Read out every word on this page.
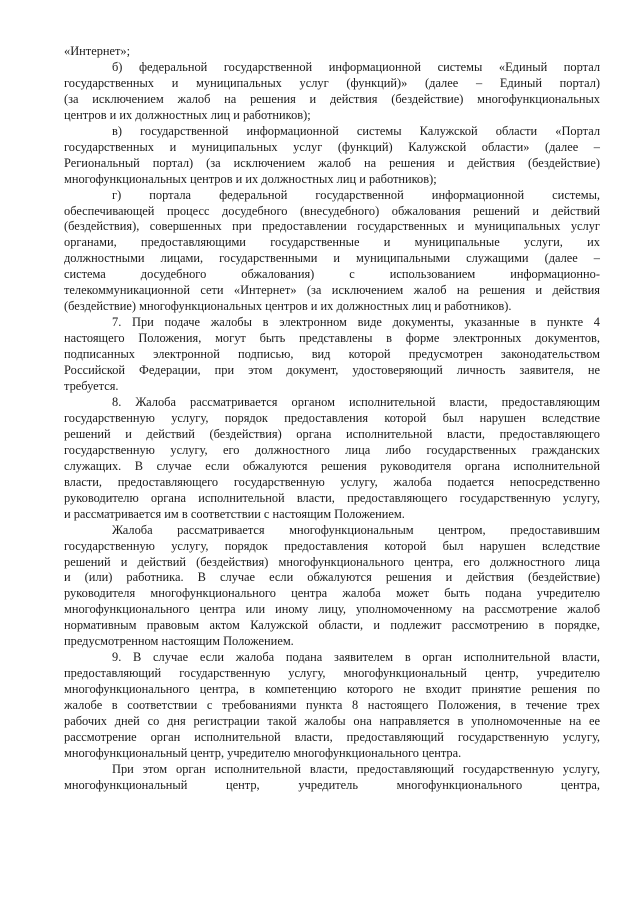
«Интернет»;
б) федеральной государственной информационной системы «Единый портал
государственных и муниципальных услуг (функций)» (далее – Единый портал)
(за исключением жалоб на решения и действия (бездействие) многофункциональных
центров и их должностных лиц и работников);
в) государственной информационной системы Калужской области «Портал
государственных и муниципальных услуг (функций) Калужской области» (далее –
Региональный портал) (за исключением жалоб на решения и действия (бездействие)
многофункциональных центров и их должностных лиц и работников);
г) портала федеральной государственной информационной системы,
обеспечивающей процесс досудебного (внесудебного) обжалования решений и действий
(бездействия), совершенных при предоставлении государственных и муниципальных услуг
органами, предоставляющими государственные и муниципальные услуги, их
должностными лицами, государственными и муниципальными служащими (далее –
система досудебного обжалования) с использованием информационно-
телекоммуникационной сети «Интернет» (за исключением жалоб на решения и действия
(бездействие) многофункциональных центров и их должностных лиц и работников).
7. При подаче жалобы в электронном виде документы, указанные в пункте 4
настоящего Положения, могут быть представлены в форме электронных документов,
подписанных электронной подписью, вид которой предусмотрен законодательством
Российской Федерации, при этом документ, удостоверяющий личность заявителя, не
требуется.
8. Жалоба рассматривается органом исполнительной власти, предоставляющим
государственную услугу, порядок предоставления которой был нарушен вследствие
решений и действий (бездействия) органа исполнительной власти, предоставляющего
государственную услугу, его должностного лица либо государственных гражданских
служащих. В случае если обжалуются решения руководителя органа исполнительной
власти, предоставляющего государственную услугу, жалоба подается непосредственно
руководителю органа исполнительной власти, предоставляющего государственную услугу,
и рассматривается им в соответствии с настоящим Положением.
Жалоба рассматривается многофункциональным центром, предоставившим
государственную услугу, порядок предоставления которой был нарушен вследствие
решений и действий (бездействия) многофункционального центра, его должностного лица
и (или) работника. В случае если обжалуются решения и действия (бездействие)
руководителя многофункционального центра жалоба может быть подана учредителю
многофункционального центра или иному лицу, уполномоченному на рассмотрение жалоб
нормативным правовым актом Калужской области, и подлежит рассмотрению в порядке,
предусмотренном настоящим Положением.
9. В случае если жалоба подана заявителем в орган исполнительной власти,
предоставляющий государственную услугу, многофункциональный центр, учредителю
многофункционального центра, в компетенцию которого не входит принятие решения по
жалобе в соответствии с требованиями пункта 8 настоящего Положения, в течение трех
рабочих дней со дня регистрации такой жалобы она направляется в уполномоченные на ее
рассмотрение орган исполнительной власти, предоставляющий государственную услугу,
многофункциональный центр, учредителю многофункционального центра.
При этом орган исполнительной власти, предоставляющий государственную услугу,
многофункциональный центр, учредитель многофункционального центра,
